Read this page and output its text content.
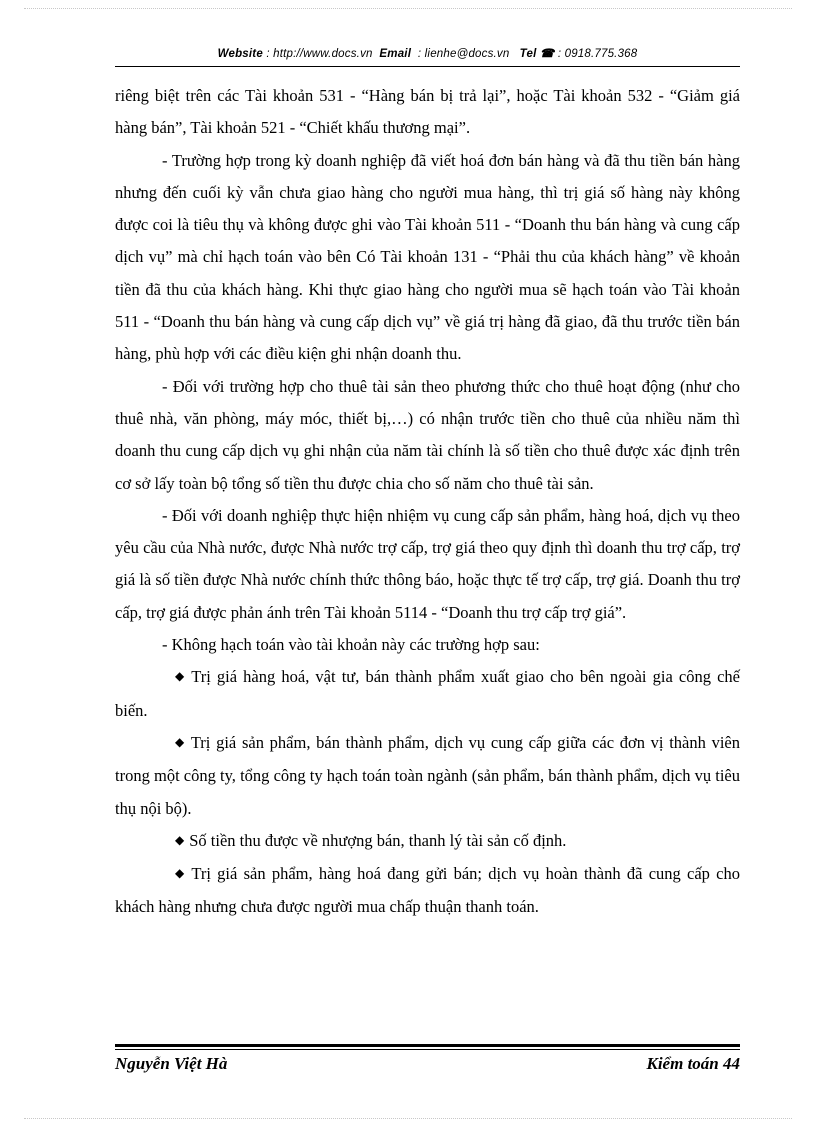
Website : http://www.docs.vn Email : lienhe@docs.vn Tel ☎ : 0918.775.368

riêng biệt trên các Tài khoản 531 - “Hàng bán bị trả lại”, hoặc Tài khoản 532 - “Giảm giá hàng bán”, Tài khoản 521 - “Chiết khấu thương mại”.

- Trường hợp trong kỳ doanh nghiệp đã viết hoá đơn bán hàng và đã thu tiền bán hàng nhưng đến cuối kỳ vẫn chưa giao hàng cho người mua hàng, thì trị giá số hàng này không được coi là tiêu thụ và không được ghi vào Tài khoản 511 - “Doanh thu bán hàng và cung cấp dịch vụ” mà chỉ hạch toán vào bên Có Tài khoản 131 - “Phải thu của khách hàng” về khoản tiền đã thu của khách hàng. Khi thực giao hàng cho người mua sẽ hạch toán vào Tài khoản 511 - “Doanh thu bán hàng và cung cấp dịch vụ” về giá trị hàng đã giao, đã thu trước tiền bán hàng, phù hợp với các điều kiện ghi nhận doanh thu.

- Đối với trường hợp cho thuê tài sản theo phương thức cho thuê hoạt động (như cho thuê nhà, văn phòng, máy móc, thiết bị,…) có nhận trước tiền cho thuê của nhiều năm thì doanh thu cung cấp dịch vụ ghi nhận của năm tài chính là số tiền cho thuê được xác định trên cơ sở lấy toàn bộ tổng số tiền thu được chia cho số năm cho thuê tài sản.

- Đối với doanh nghiệp thực hiện nhiệm vụ cung cấp sản phẩm, hàng hoá, dịch vụ theo yêu cầu của Nhà nước, được Nhà nước trợ cấp, trợ giá theo quy định thì doanh thu trợ cấp, trợ giá là số tiền được Nhà nước chính thức thông báo, hoặc thực tế trợ cấp, trợ giá. Doanh thu trợ cấp, trợ giá được phản ánh trên Tài khoản 5114 - “Doanh thu trợ cấp trợ giá”.

- Không hạch toán vào tài khoản này các trường hợp sau:

◆ Trị giá hàng hoá, vật tư, bán thành phẩm xuất giao cho bên ngoài gia công chế biến.

◆ Trị giá sản phẩm, bán thành phẩm, dịch vụ cung cấp giữa các đơn vị thành viên trong một công ty, tổng công ty hạch toán toàn ngành (sản phẩm, bán thành phẩm, dịch vụ tiêu thụ nội bộ).

◆ Số tiền thu được về nhượng bán, thanh lý tài sản cố định.

◆ Trị giá sản phẩm, hàng hoá đang gửi bán; dịch vụ hoàn thành đã cung cấp cho khách hàng nhưng chưa được người mua chấp thuận thanh toán.

Nguyễn Việt Hà	Kiểm toán 44
